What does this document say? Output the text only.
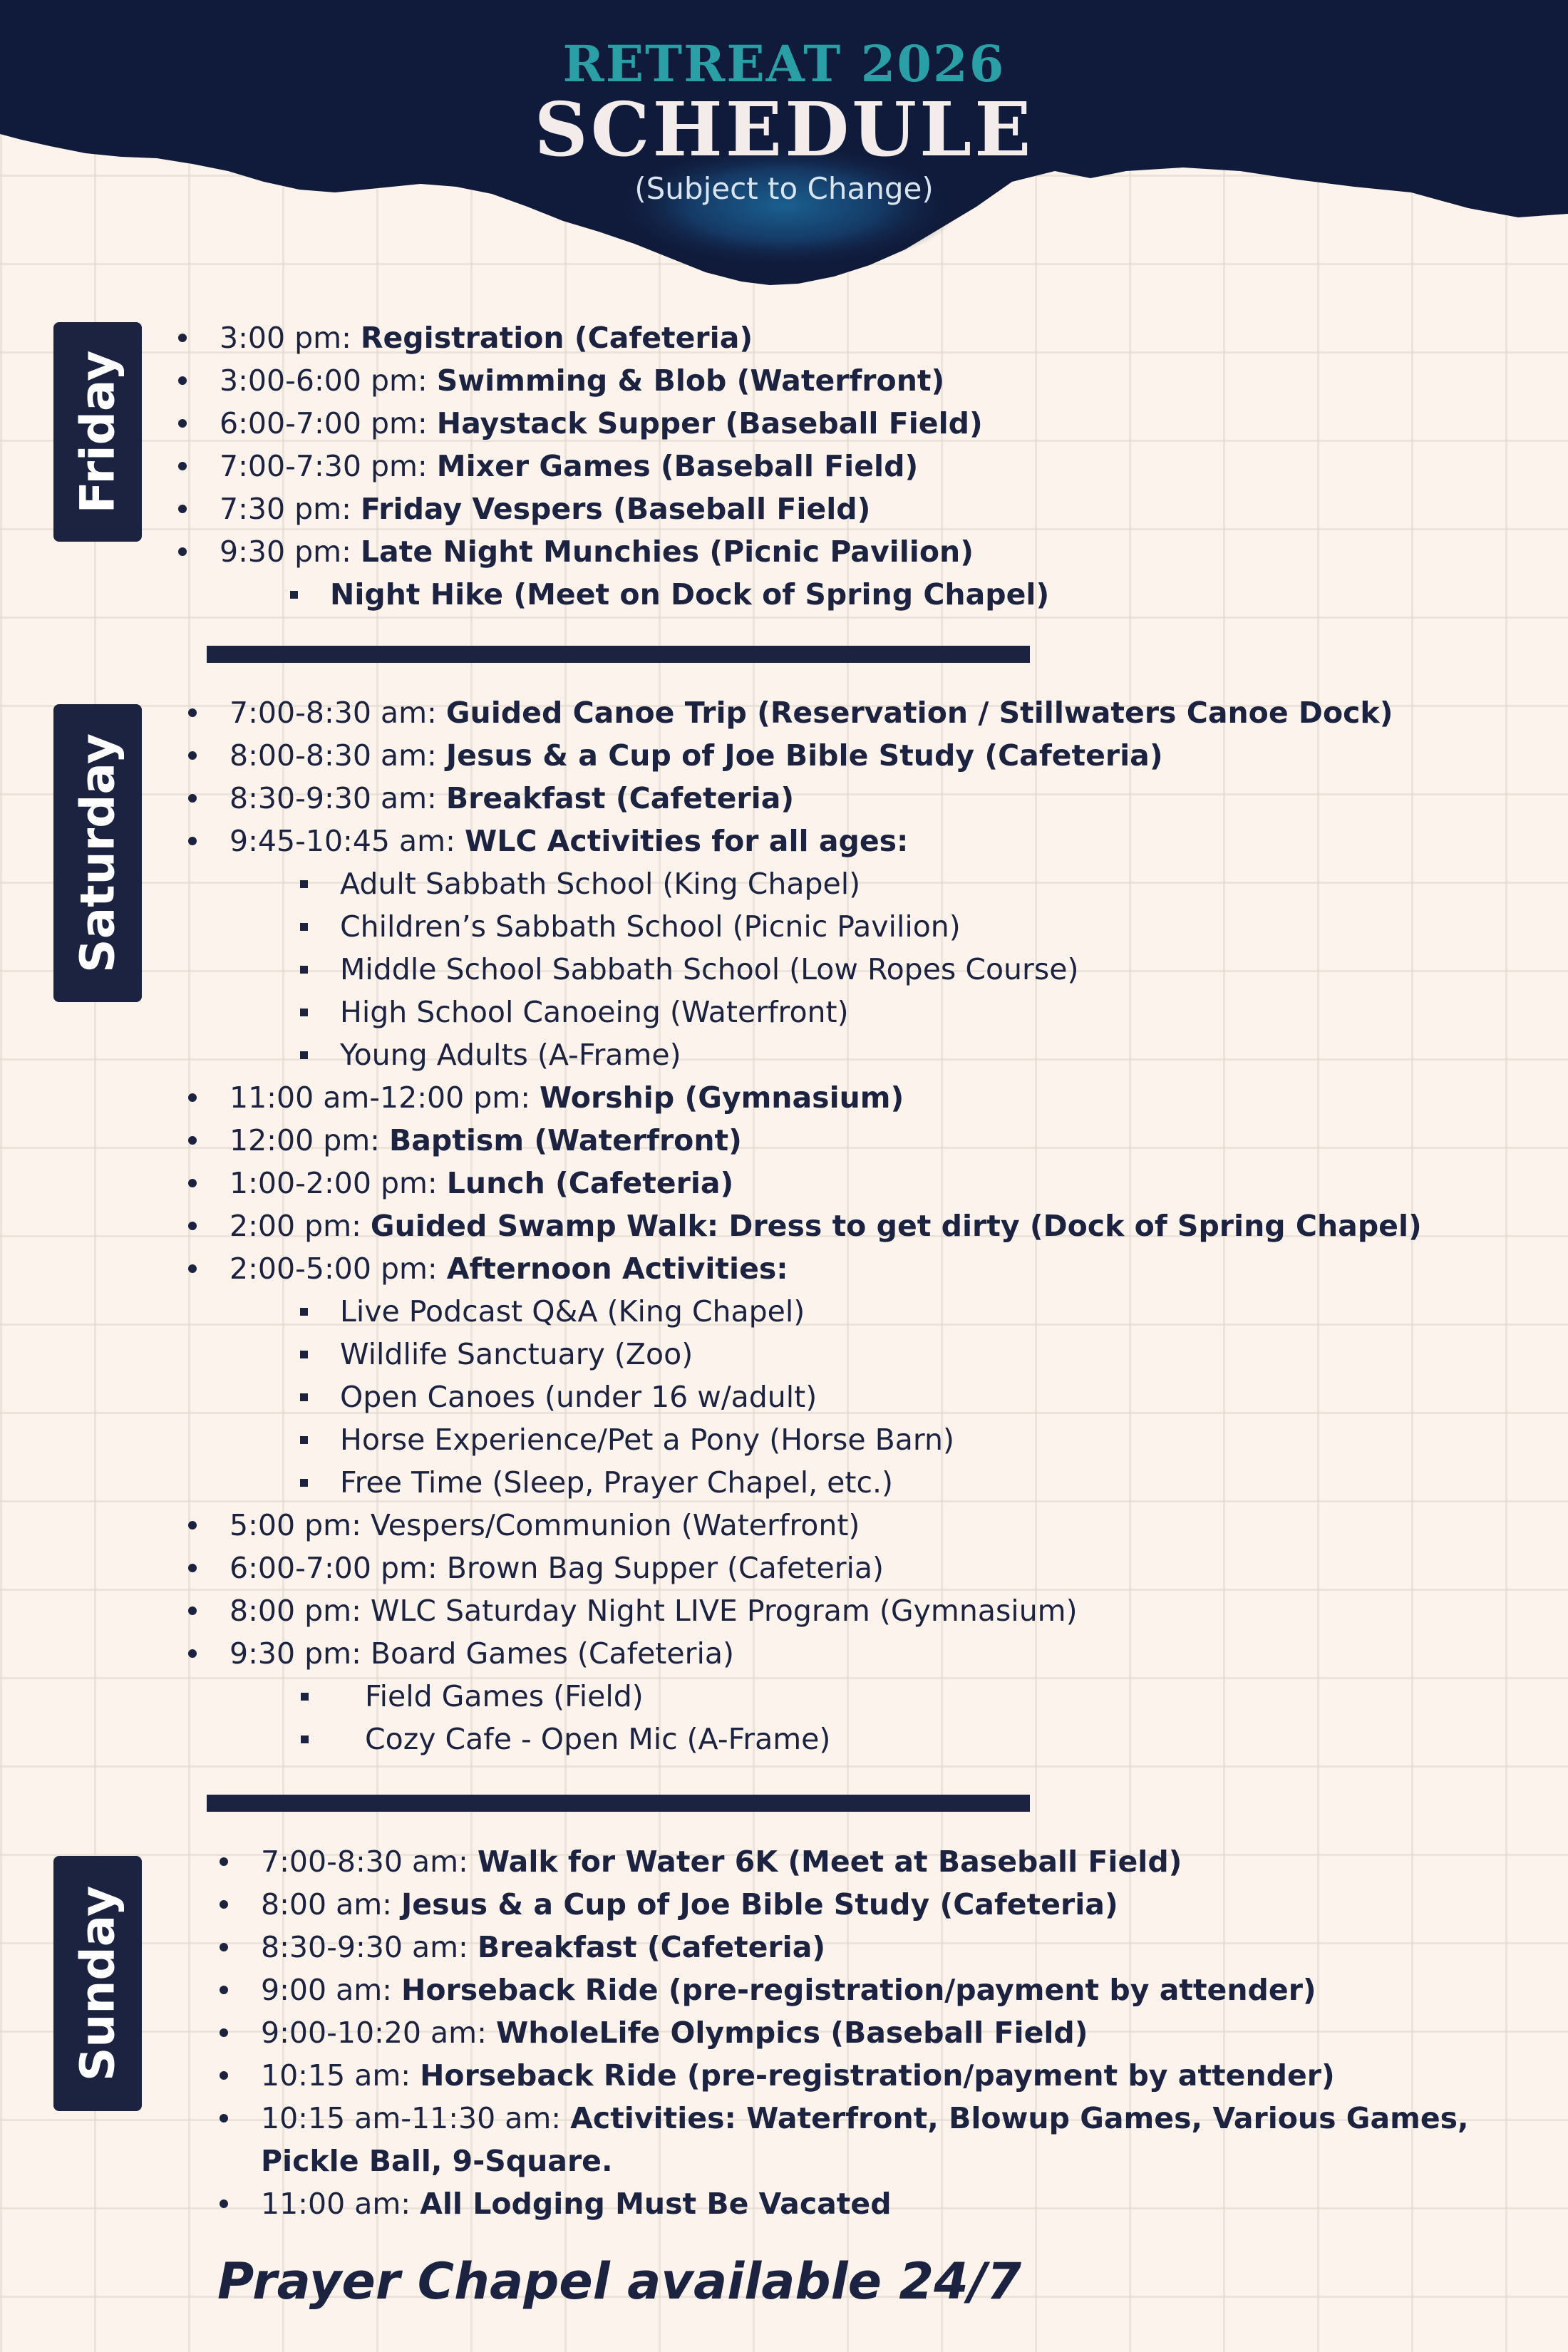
RETREAT 2026
SCHEDULE
(Subject to Change)
Friday
3:00 pm: Registration (Cafeteria)
3:00-6:00 pm: Swimming & Blob (Waterfront)
6:00-7:00 pm: Haystack Supper (Baseball Field)
7:00-7:30 pm: Mixer Games (Baseball Field)
7:30 pm: Friday Vespers (Baseball Field)
9:30 pm: Late Night Munchies (Picnic Pavilion)
Night Hike (Meet on Dock of Spring Chapel)
Saturday
7:00-8:30 am: Guided Canoe Trip (Reservation / Stillwaters Canoe Dock)
8:00-8:30 am: Jesus & a Cup of Joe Bible Study (Cafeteria)
8:30-9:30 am: Breakfast (Cafeteria)
9:45-10:45 am: WLC Activities for all ages:
Adult Sabbath School (King Chapel)
Children’s Sabbath School (Picnic Pavilion)
Middle School Sabbath School (Low Ropes Course)
High School Canoeing (Waterfront)
Young Adults (A-Frame)
11:00 am-12:00 pm: Worship (Gymnasium)
12:00 pm: Baptism (Waterfront)
1:00-2:00 pm: Lunch (Cafeteria)
2:00 pm: Guided Swamp Walk: Dress to get dirty (Dock of Spring Chapel)
2:00-5:00 pm: Afternoon Activities:
Live Podcast Q&A (King Chapel)
Wildlife Sanctuary (Zoo)
Open Canoes (under 16 w/adult)
Horse Experience/Pet a Pony (Horse Barn)
Free Time (Sleep, Prayer Chapel, etc.)
5:00 pm: Vespers/Communion (Waterfront)
6:00-7:00 pm: Brown Bag Supper (Cafeteria)
8:00 pm: WLC Saturday Night LIVE Program (Gymnasium)
9:30 pm: Board Games (Cafeteria)
Field Games (Field)
Cozy Cafe - Open Mic (A-Frame)
Sunday
7:00-8:30 am: Walk for Water 6K (Meet at Baseball Field)
8:00 am: Jesus & a Cup of Joe Bible Study (Cafeteria)
8:30-9:30 am: Breakfast (Cafeteria)
9:00 am: Horseback Ride (pre-registration/payment by attender)
9:00-10:20 am: WholeLife Olympics (Baseball Field)
10:15 am: Horseback Ride (pre-registration/payment by attender)
10:15 am-11:30 am: Activities: Waterfront, Blowup Games, Various Games, Pickle Ball, 9-Square.
11:00 am: All Lodging Must Be Vacated
Prayer Chapel available 24/7
